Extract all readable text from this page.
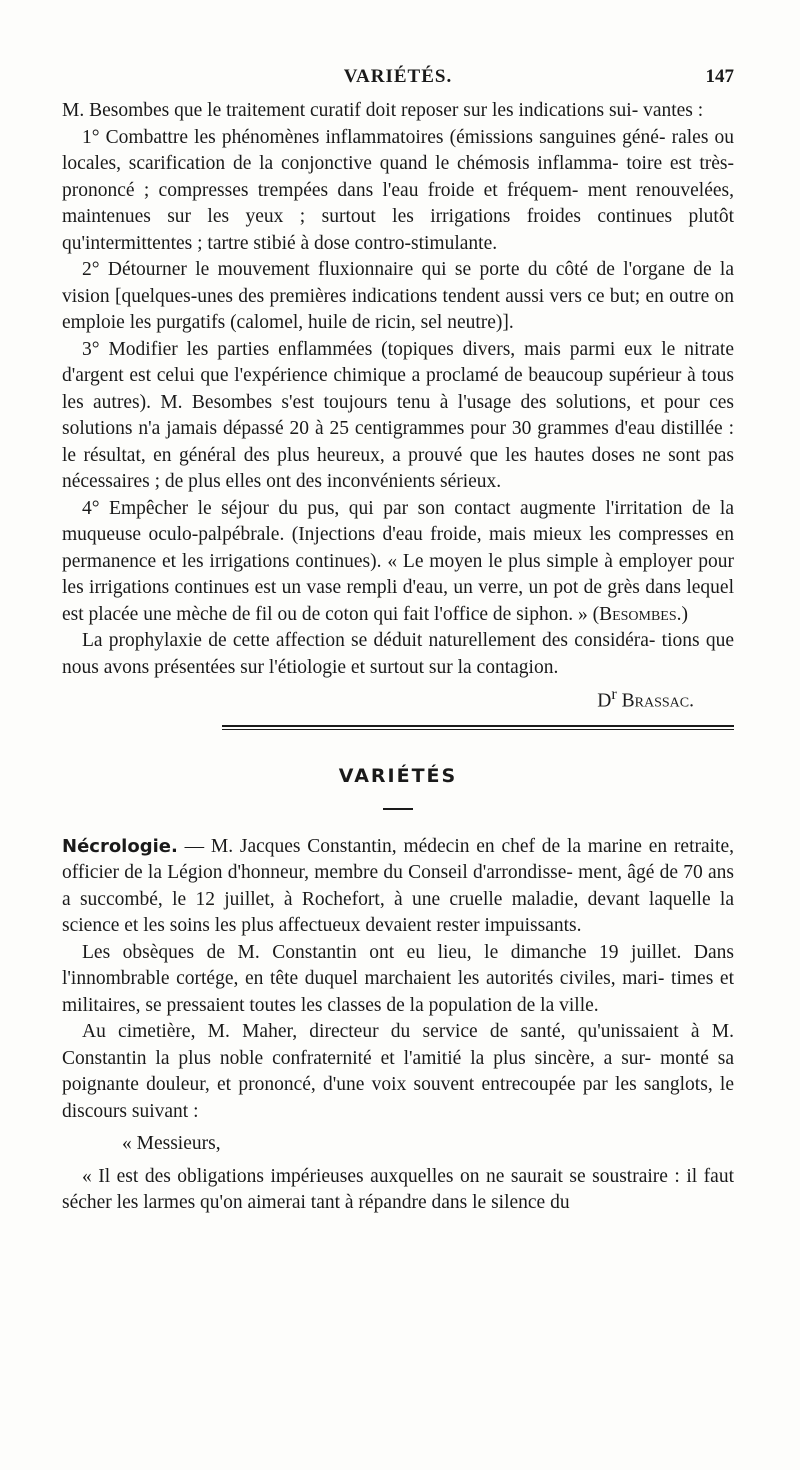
VARIÉTÉS.	147

M. Besombes que le traitement curatif doit reposer sur les indications sui- vantes :

1° Combattre les phénomènes inflammatoires (émissions sanguines géné- rales ou locales, scarification de la conjonctive quand le chémosis inflamma- toire est très-prononcé ; compresses trempées dans l'eau froide et fréquem- ment renouvelées, maintenues sur les yeux ; surtout les irrigations froides continues plutôt qu'intermittentes ; tartre stibié à dose contro-stimulante.

2° Détourner le mouvement fluxionnaire qui se porte du côté de l'organe de la vision [quelques-unes des premières indications tendent aussi vers ce but; en outre on emploie les purgatifs (calomel, huile de ricin, sel neutre)].

3° Modifier les parties enflammées (topiques divers, mais parmi eux le nitrate d'argent est celui que l'expérience chimique a proclamé de beaucoup supérieur à tous les autres). M. Besombes s'est toujours tenu à l'usage des solutions, et pour ces solutions n'a jamais dépassé 20 à 25 centigrammes pour 30 grammes d'eau distillée : le résultat, en général des plus heureux, a prouvé que les hautes doses ne sont pas nécessaires ; de plus elles ont des inconvénients sérieux.

4° Empêcher le séjour du pus, qui par son contact augmente l'irritation de la muqueuse oculo-palpébrale. (Injections d'eau froide, mais mieux les compresses en permanence et les irrigations continues). « Le moyen le plus simple à employer pour les irrigations continues est un vase rempli d'eau, un verre, un pot de grès dans lequel est placée une mèche de fil ou de coton qui fait l'office de siphon. » (Besombes.)

La prophylaxie de cette affection se déduit naturellement des considéra- tions que nous avons présentées sur l'étiologie et surtout sur la contagion.

$D^r$ Brassac.

VARIÉTÉS

Nécrologie. — M. Jacques Constantin, médecin en chef de la marine en retraite, officier de la Légion d'honneur, membre du Conseil d'arrondisse- ment, âgé de 70 ans a succombé, le 12 juillet, à Rochefort, à une cruelle maladie, devant laquelle la science et les soins les plus affectueux devaient rester impuissants.

Les obsèques de M. Constantin ont eu lieu, le dimanche 19 juillet. Dans l'innombrable cortége, en tête duquel marchaient les autorités civiles, mari- times et militaires, se pressaient toutes les classes de la population de la ville.

Au cimetière, M. Maher, directeur du service de santé, qu'unissaient à M. Constantin la plus noble confraternité et l'amitié la plus sincère, a sur- monté sa poignante douleur, et prononcé, d'une voix souvent entrecoupée par les sanglots, le discours suivant :

« Messieurs,

« Il est des obligations impérieuses auxquelles on ne saurait se soustraire : il faut sécher les larmes qu'on aimerai tant à répandre dans le silence du
